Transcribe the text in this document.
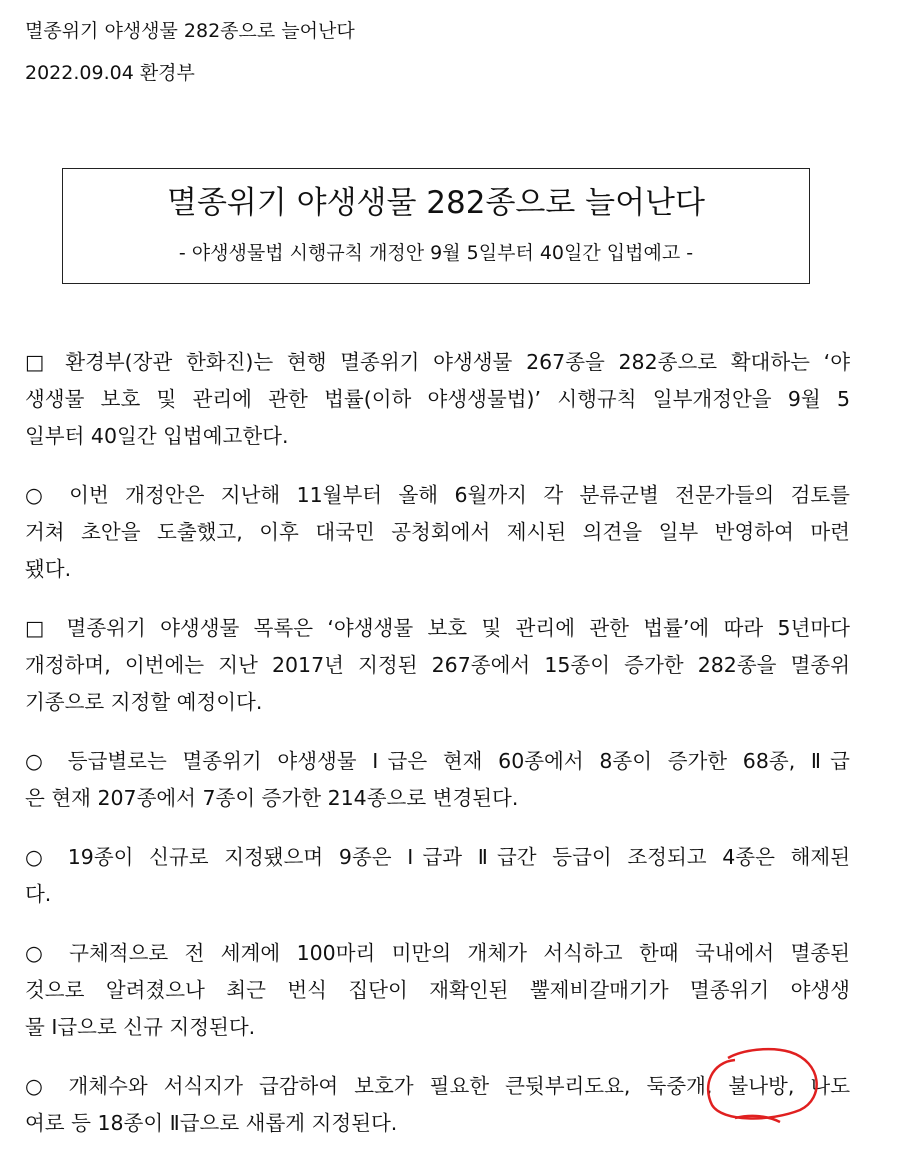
멸종위기 야생생물 282종으로 늘어난다
2022.09.04 환경부
멸종위기 야생생물 282종으로 늘어난다
- 야생생물법 시행규칙 개정안 9월 5일부터 40일간 입법예고 -
□ 환경부(장관 한화진)는 현행 멸종위기 야생생물 267종을 282종으로 확대하는 ‘야
생생물 보호 및 관리에 관한 법률(이하 야생생물법)’ 시행규칙 일부개정안을 9월 5
일부터 40일간 입법예고한다.
○ 이번 개정안은 지난해 11월부터 올해 6월까지 각 분류군별 전문가들의 검토를
거쳐 초안을 도출했고, 이후 대국민 공청회에서 제시된 의견을 일부 반영하여 마련
됐다.
□ 멸종위기 야생생물 목록은 ‘야생생물 보호 및 관리에 관한 법률’에 따라 5년마다
개정하며, 이번에는 지난 2017년 지정된 267종에서 15종이 증가한 282종을 멸종위
기종으로 지정할 예정이다.
○ 등급별로는 멸종위기 야생생물 Ⅰ급은 현재 60종에서 8종이 증가한 68종, Ⅱ급
은 현재 207종에서 7종이 증가한 214종으로 변경된다.
○ 19종이 신규로 지정됐으며 9종은 Ⅰ급과 Ⅱ급간 등급이 조정되고 4종은 해제된
다.
○ 구체적으로 전 세계에 100마리 미만의 개체가 서식하고 한때 국내에서 멸종된
것으로 알려졌으나 최근 번식 집단이 재확인된 뿔제비갈매기가 멸종위기 야생생
물 Ⅰ급으로 신규 지정된다.
○ 개체수와 서식지가 급감하여 보호가 필요한 큰뒷부리도요, 둑중개, 불나방, 나도
여로 등 18종이 Ⅱ급으로 새롭게 지정된다.
